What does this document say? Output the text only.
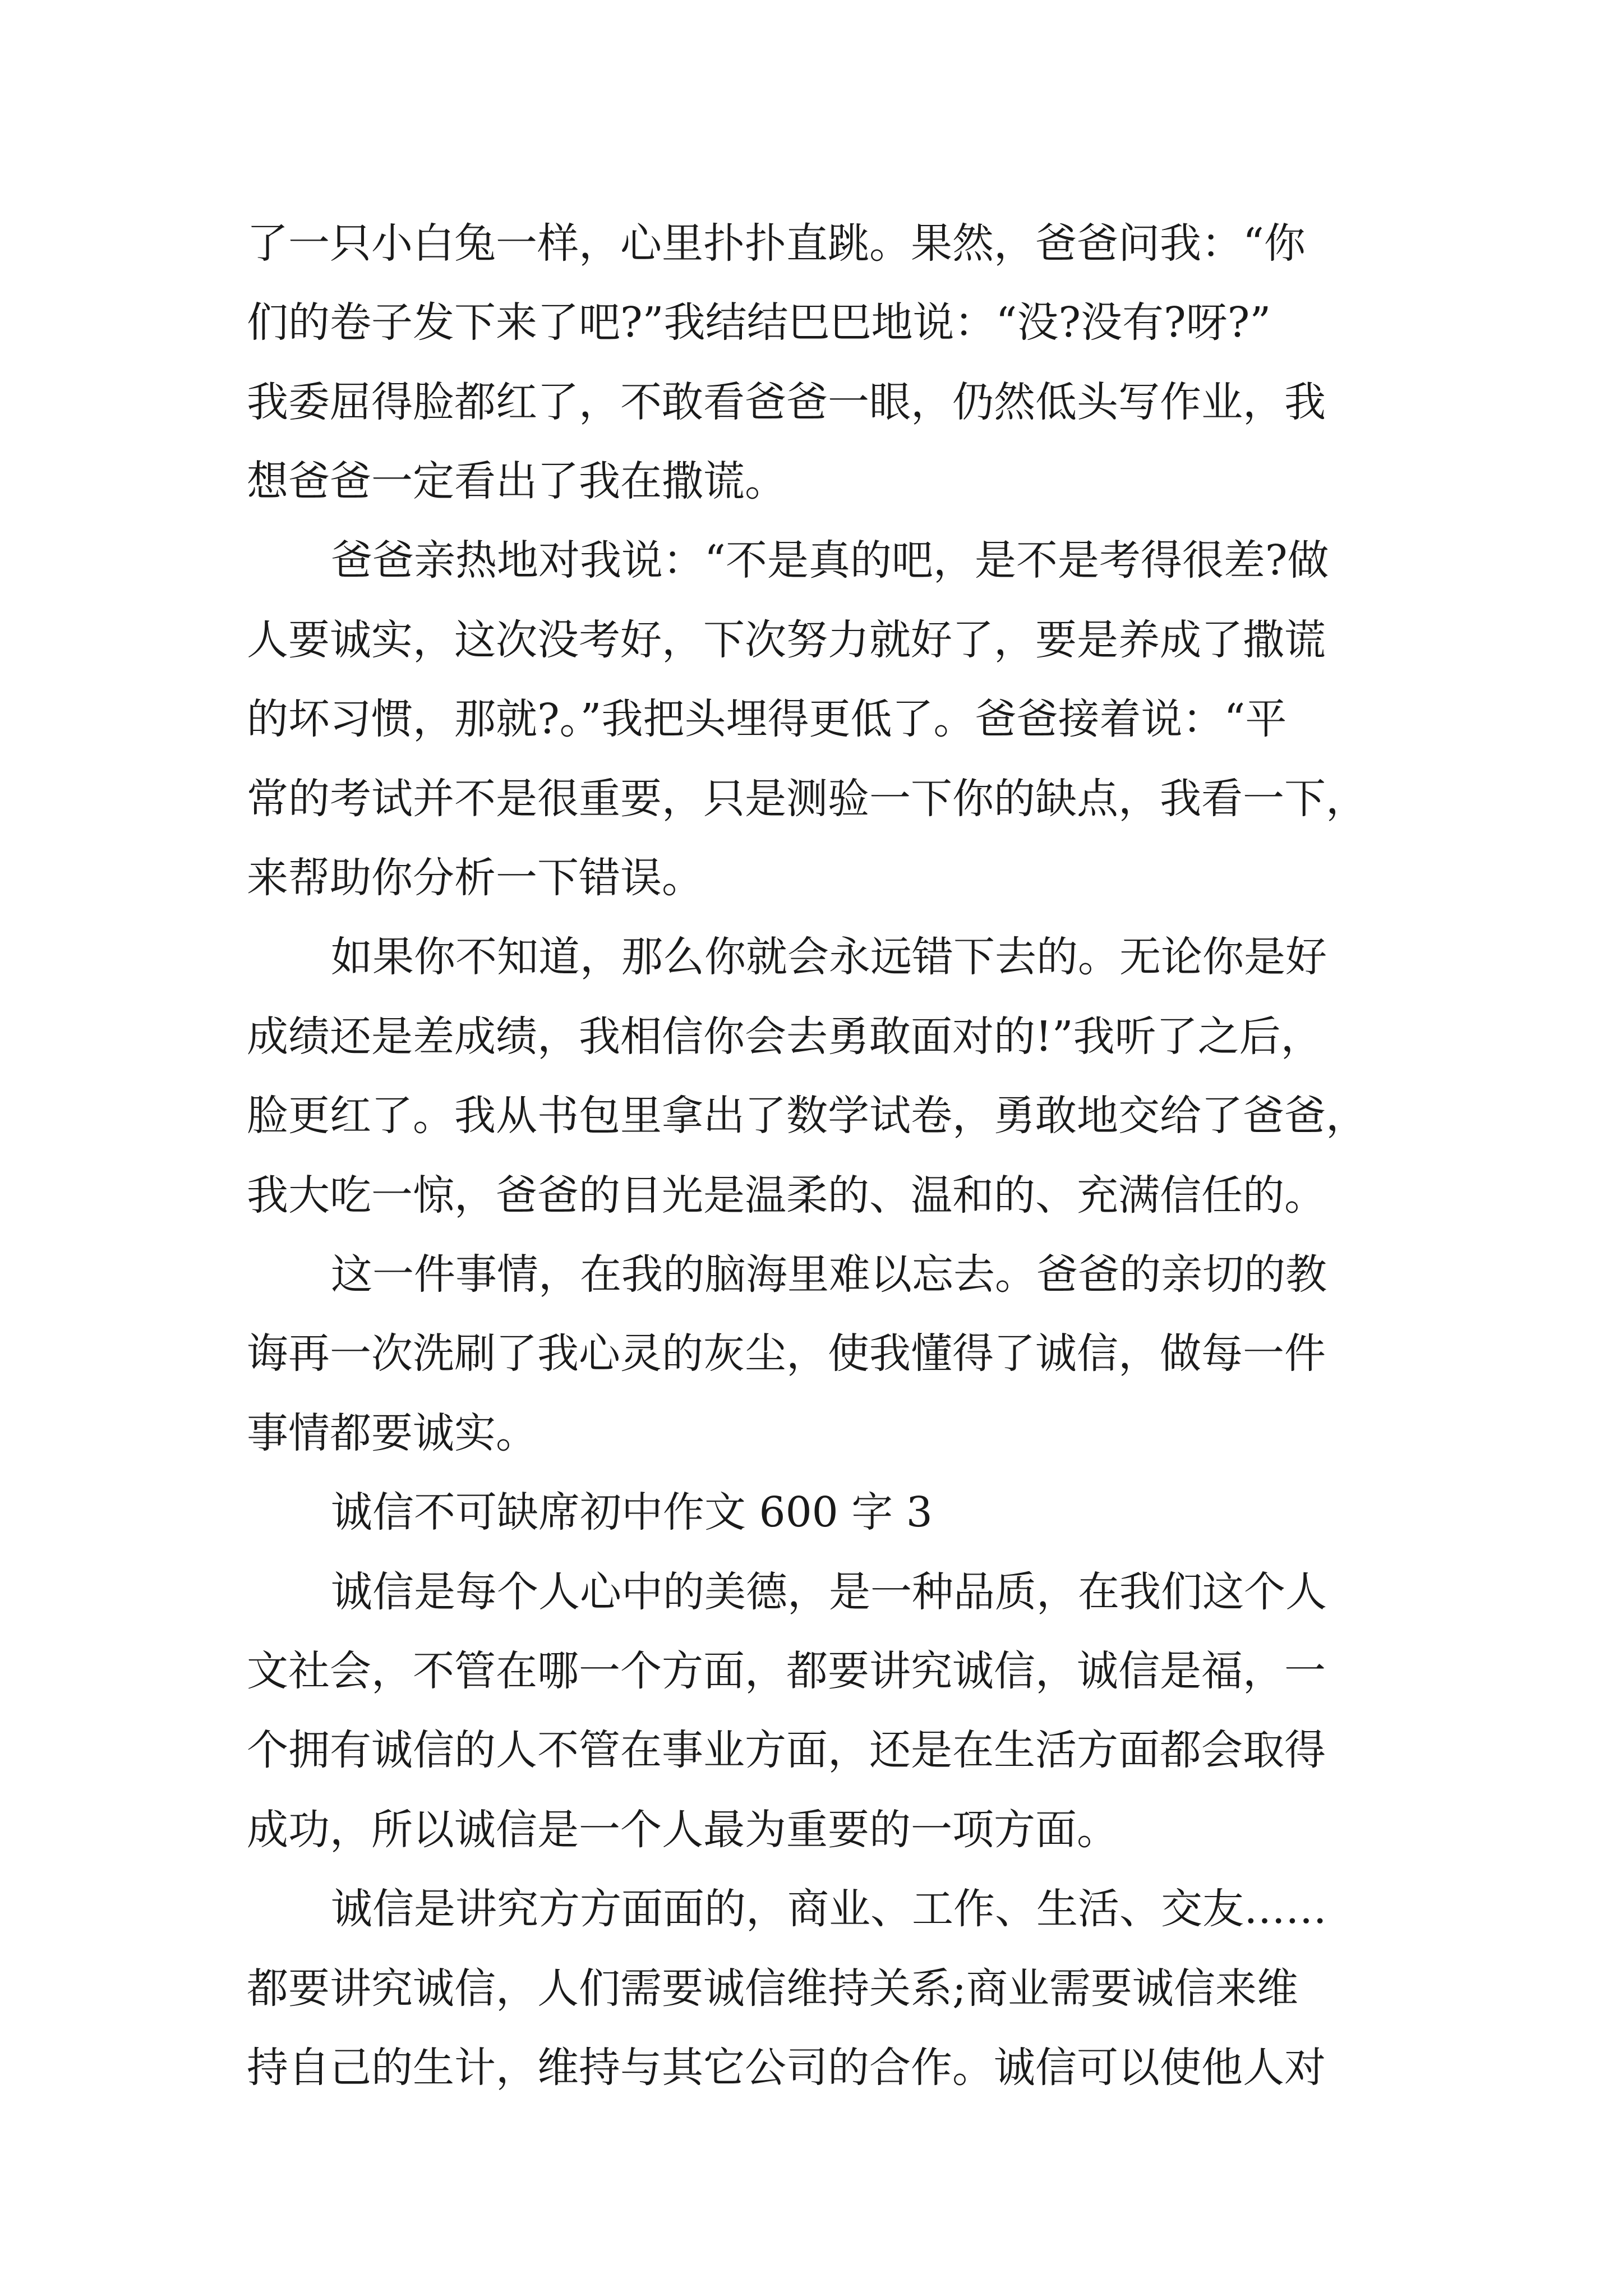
了一只小白兔一样，心里扑扑直跳。果然，爸爸问我：“你
们的卷子发下来了吧?”我结结巴巴地说：“没?没有?呀?”
我委屈得脸都红了，不敢看爸爸一眼，仍然低头写作业，我
想爸爸一定看出了我在撒谎。
爸爸亲热地对我说：“不是真的吧，是不是考得很差?做
人要诚实，这次没考好，下次努力就好了，要是养成了撒谎
的坏习惯，那就?。”我把头埋得更低了。爸爸接着说：“平
常的考试并不是很重要，只是测验一下你的缺点，我看一下，
来帮助你分析一下错误。
如果你不知道，那么你就会永远错下去的。无论你是好
成绩还是差成绩，我相信你会去勇敢面对的!”我听了之后，
脸更红了。我从书包里拿出了数学试卷，勇敢地交给了爸爸，
我大吃一惊，爸爸的目光是温柔的、温和的、充满信任的。
这一件事情，在我的脑海里难以忘去。爸爸的亲切的教
诲再一次洗刷了我心灵的灰尘，使我懂得了诚信，做每一件
事情都要诚实。
诚信不可缺席初中作文 600 字 3
诚信是每个人心中的美德，是一种品质，在我们这个人
文社会，不管在哪一个方面，都要讲究诚信，诚信是福，一
个拥有诚信的人不管在事业方面，还是在生活方面都会取得
成功，所以诚信是一个人最为重要的一项方面。
诚信是讲究方方面面的，商业、工作、生活、交友……
都要讲究诚信，人们需要诚信维持关系;商业需要诚信来维
持自己的生计，维持与其它公司的合作。诚信可以使他人对
